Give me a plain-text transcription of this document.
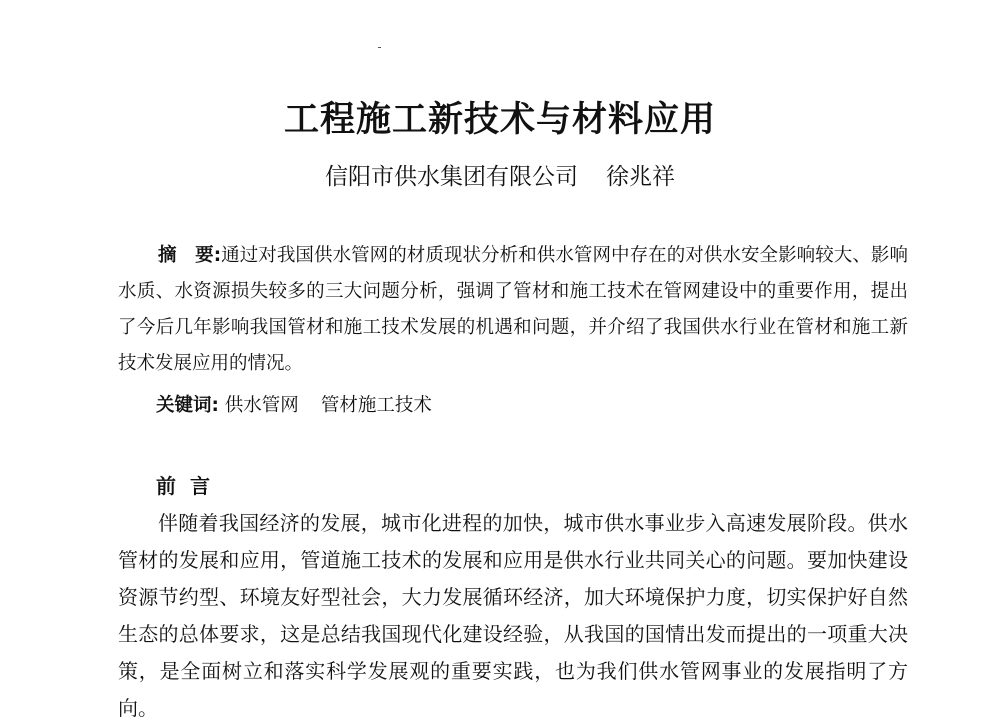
工程施工新技术与材料应用
信阳市供水集团有限公司 徐兆祥

摘　要:通过对我国供水管网的材质现状分析和供水管网中存在的对供水安全影响较大、影响水质、水资源损失较多的三大问题分析，强调了管材和施工技术在管网建设中的重要作用，提出了今后几年影响我国管材和施工技术发展的机遇和问题，并介绍了我国供水行业在管材和施工新技术发展应用的情况。

关键词: 供水管网 管材施工技术

前言

伴随着我国经济的发展，城市化进程的加快，城市供水事业步入高速发展阶段。供水管材的发展和应用，管道施工技术的发展和应用是供水行业共同关心的问题。要加快建设资源节约型、环境友好型社会，大力发展循环经济，加大环境保护力度，切实保护好自然生态的总体要求，这是总结我国现代化建设经验，从我国的国情出发而提出的一项重大决策，是全面树立和落实科学发展观的重要实践，也为我们供水管网事业的发展指明了方向。
